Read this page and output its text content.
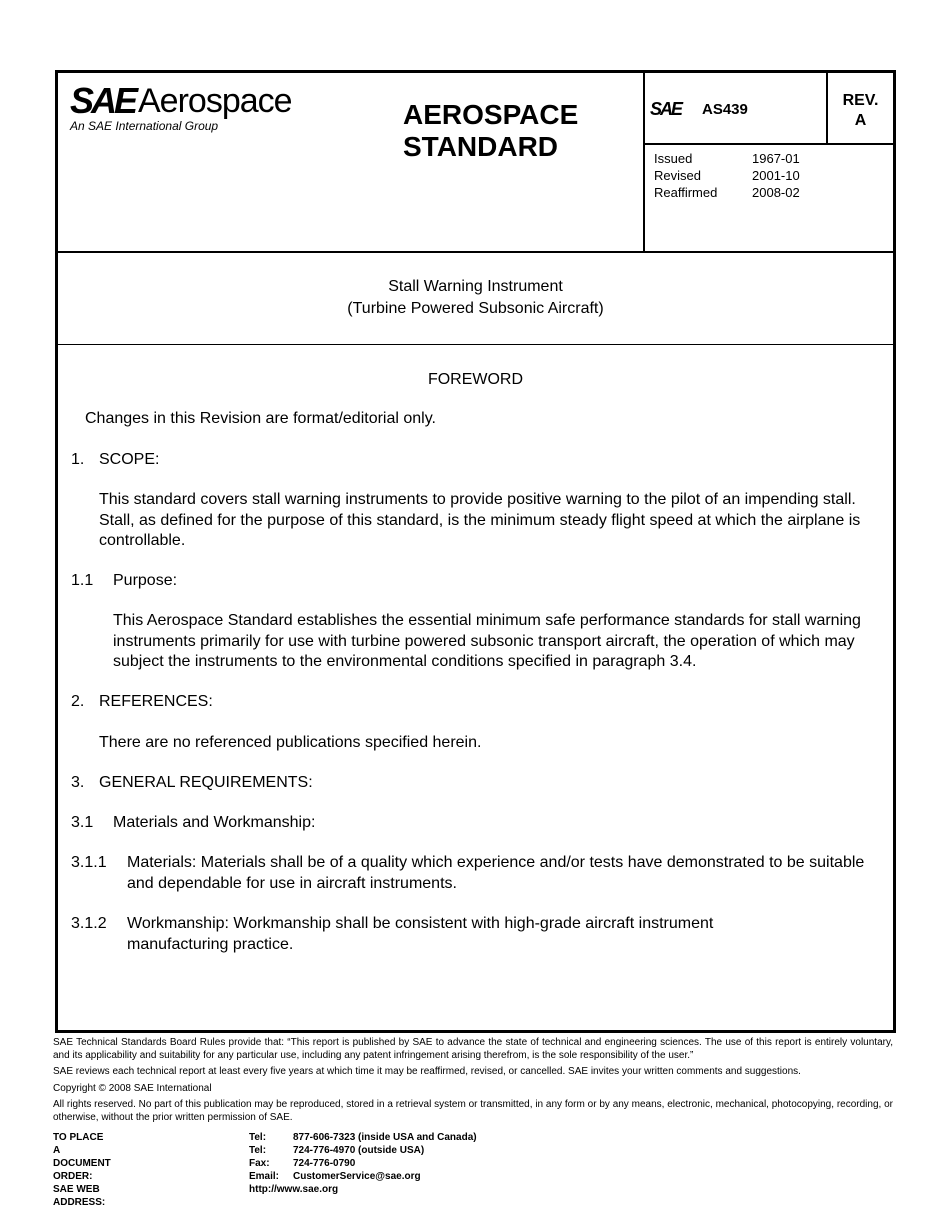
SAE Aerospace
An SAE International Group	AEROSPACE
STANDARD
SAE AS439
REV.
A
Issued	1967-01
Revised	2001-10
Reaffirmed	2008-02
Stall Warning Instrument
(Turbine Powered Subsonic Aircraft)
FOREWORD
Changes in this Revision are format/editorial only.
1. SCOPE:
This standard covers stall warning instruments to provide positive warning to the pilot of an impending stall. Stall, as defined for the purpose of this standard, is the minimum steady flight speed at which the airplane is controllable.
1.1 Purpose:
This Aerospace Standard establishes the essential minimum safe performance standards for stall warning instruments primarily for use with turbine powered subsonic transport aircraft, the operation of which may subject the instruments to the environmental conditions specified in paragraph 3.4.
2. REFERENCES:
There are no referenced publications specified herein.
3. GENERAL REQUIREMENTS:
3.1 Materials and Workmanship:
3.1.1 Materials: Materials shall be of a quality which experience and/or tests have demonstrated to be suitable and dependable for use in aircraft instruments.
3.1.2 Workmanship: Workmanship shall be consistent with high-grade aircraft instrument manufacturing practice.

SAE Technical Standards Board Rules provide that: “This report is published by SAE to advance the state of technical and engineering sciences. The use of this report is entirely voluntary, and its applicability and suitability for any particular use, including any patent infringement arising therefrom, is the sole responsibility of the user.”

SAE reviews each technical report at least every five years at which time it may be reaffirmed, revised, or cancelled. SAE invites your written comments and suggestions.

Copyright © 2008 SAE International

All rights reserved. No part of this publication may be reproduced, stored in a retrieval system or transmitted, in any form or by any means, electronic, mechanical, photocopying, recording, or otherwise, without the prior written permission of SAE.

TO PLACE A DOCUMENT ORDER:
Tel:	877-606-7323 (inside USA and Canada)
Tel:	724-776-4970 (outside USA)
Fax: 724-776-0790
Email: CustomerService@sae.org
SAE WEB ADDRESS:
http://www.sae.org
